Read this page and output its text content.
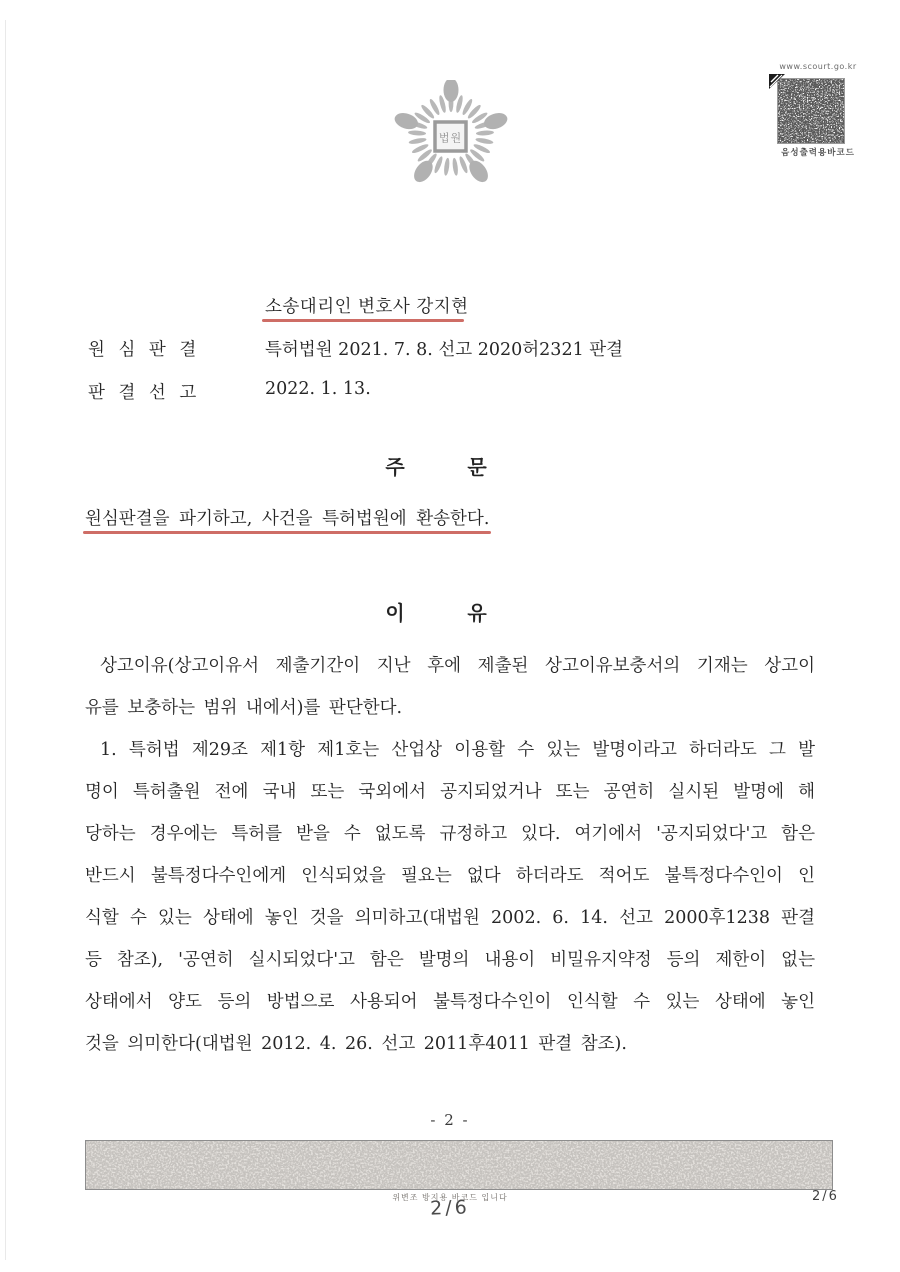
법원
www.scourt.go.kr
음성출력용바코드
소송대리인 변호사 강지현
원 심 판 결	특허법원 2021. 7. 8. 선고 2020허2321 판결
판 결 선 고	2022. 1. 13.
주         문
원심판결을 파기하고, 사건을 특허법원에 환송한다.
이         유
상고이유(상고이유서 제출기간이 지난 후에 제출된 상고이유보충서의 기재는 상고이
유를 보충하는 범위 내에서)를 판단한다.
1. 특허법 제29조 제1항 제1호는 산업상 이용할 수 있는 발명이라고 하더라도 그 발
명이 특허출원 전에 국내 또는 국외에서 공지되었거나 또는 공연히 실시된 발명에 해
당하는 경우에는 특허를 받을 수 없도록 규정하고 있다. 여기에서 '공지되었다'고 함은
반드시 불특정다수인에게 인식되었을 필요는 없다 하더라도 적어도 불특정다수인이 인
식할 수 있는 상태에 놓인 것을 의미하고(대법원 2002. 6. 14. 선고 2000후1238 판결
등 참조), '공연히 실시되었다'고 함은 발명의 내용이 비밀유지약정 등의 제한이 없는
상태에서 양도 등의 방법으로 사용되어 불특정다수인이 인식할 수 있는 상태에 놓인
것을 의미한다(대법원 2012. 4. 26. 선고 2011후4011 판결 참조).
- 2 -
위변조 방지용 바코드 입니다
2/6	2/6
